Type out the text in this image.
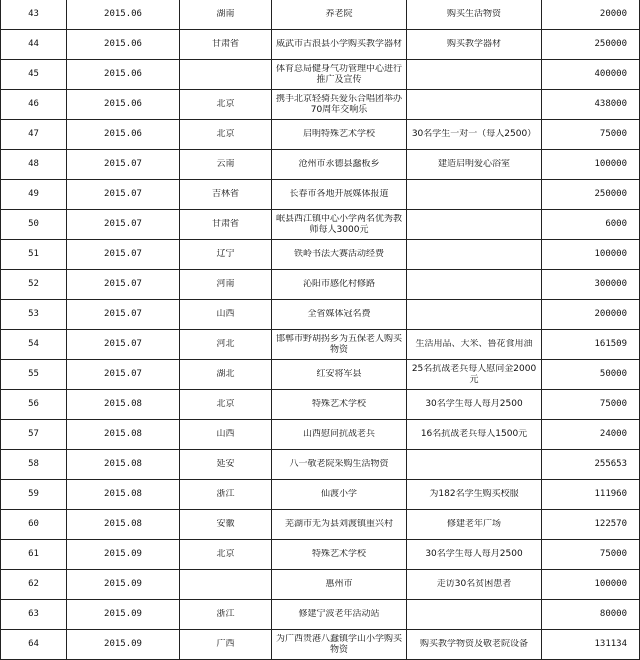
43	2015.06	湖南	养老院	购买生活物资	20000

44	2015.06	甘肃省	威武市古浪县小学购买教学器材	购买教学器材	250000

45	2015.06		体育总局健身气功管理中心进行推广及宣传		400000

46	2015.06	北京	携手北京轻骑兵爱乐合唱团举办70周年交响乐		438000

47	2015.06	北京	启明特殊艺术学校	30名学生一对一（每人2500）	75000

48	2015.07	云南	沧州市永德县蠢板乡	建造启明爱心浴室	100000

49	2015.07	吉林省	长春市各地开展媒体报道		250000

50	2015.07	甘肃省	岷县西江镇中心小学两名优秀教师每人3000元		6000

51	2015.07	辽宁	铁岭书法大赛活动经费		100000

52	2015.07	河南	沁阳市感化村修路		300000

53	2015.07	山西	全省媒体冠名费		200000

54	2015.07	河北	邯郸市野胡拐乡为五保老人购买物资	生活用品、大米、鲁花食用油	161509

55	2015.07	湖北	红安将军县	25名抗战老兵每人慰问金2000元	50000

56	2015.08	北京	特殊艺术学校	30名学生每人每月2500	75000

57	2015.08	山西	山西慰问抗战老兵	16名抗战老兵每人1500元	24000

58	2015.08	延安	八一敬老院采购生活物资		255653

59	2015.08	浙江	仙渡小学	为182名学生购买校服	111960

60	2015.08	安徽	芜湖市无为县刘渡镇重兴村	修建老年广场	122570

61	2015.09	北京	特殊艺术学校	30名学生每人每月2500	75000

62	2015.09		惠州市	走访30名贫困患者	100000

63	2015.09	浙江	修建宁波老年活动站		80000

64	2015.09	广西	为广西贵港八蠢镇学山小学购买物资	购买教学物资及敬老院设备	131134
